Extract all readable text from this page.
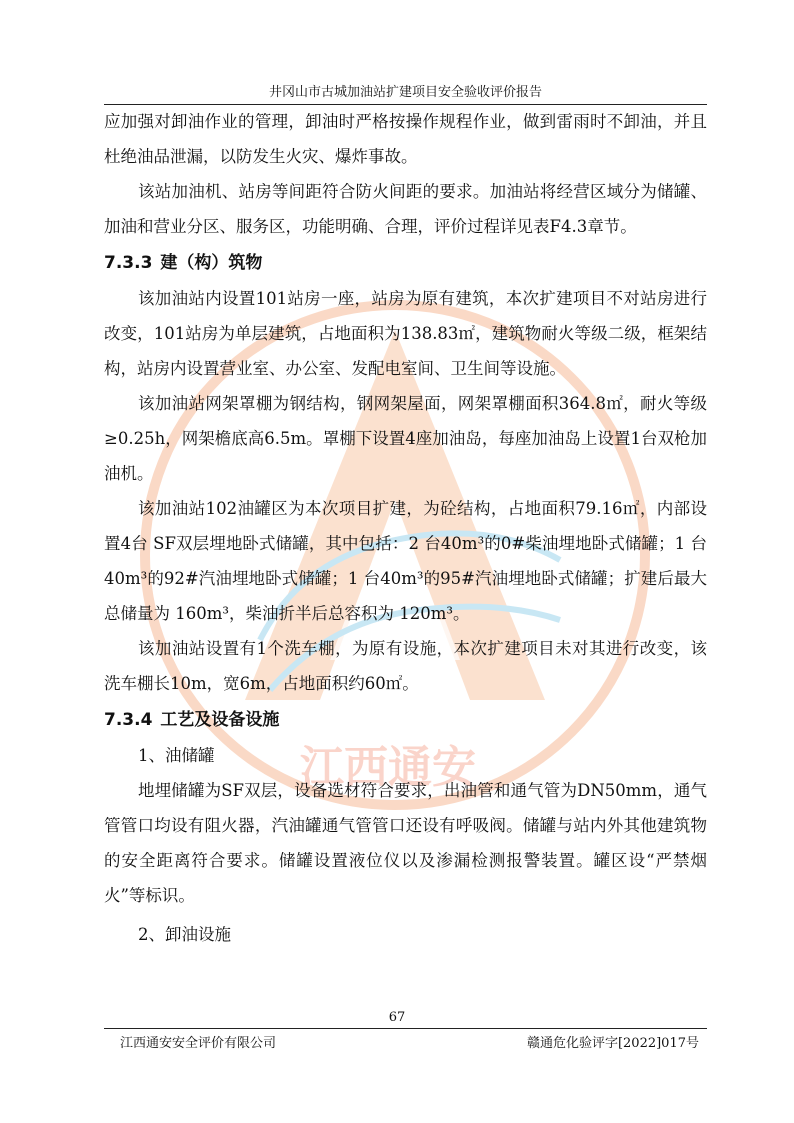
江西通安
井冈山市古城加油站扩建项目安全验收评价报告

应加强对卸油作业的管理，卸油时严格按操作规程作业，做到雷雨时不卸油，并且杜绝油品泄漏，以防发生火灾、爆炸事故。

该站加油机、站房等间距符合防火间距的要求。加油站将经营区域分为储罐、加油和营业分区、服务区，功能明确、合理，评价过程详见表F4.3章节。

7.3.3 建（构）筑物

该加油站内设置101站房一座，站房为原有建筑，本次扩建项目不对站房进行改变，101站房为单层建筑，占地面积为138.83㎡，建筑物耐火等级二级，框架结构，站房内设置营业室、办公室、发配电室间、卫生间等设施。

该加油站网架罩棚为钢结构，钢网架屋面，网架罩棚面积364.8㎡，耐火等级≥0.25h，网架檐底高6.5m。罩棚下设置4座加油岛，每座加油岛上设置1台双枪加油机。

该加油站102油罐区为本次项目扩建，为砼结构，占地面积79.16㎡，内部设置4台 SF双层埋地卧式储罐，其中包括：2 台40m³的0#柴油埋地卧式储罐；1 台40m³的92#汽油埋地卧式储罐；1 台40m³的95#汽油埋地卧式储罐；扩建后最大总储量为 160m³，柴油折半后总容积为 120m³。

该加油站设置有1个洗车棚，为原有设施，本次扩建项目未对其进行改变，该洗车棚长10m，宽6m，占地面积约60㎡。

7.3.4 工艺及设备设施

1、油储罐

地埋储罐为SF双层，设备选材符合要求，出油管和通气管为DN50mm，通气管管口均设有阻火器，汽油罐通气管管口还设有呼吸阀。储罐与站内外其他建筑物的安全距离符合要求。储罐设置液位仪以及渗漏检测报警装置。罐区设“严禁烟火”等标识。

2、卸油设施

67
江西通安安全评价有限公司	赣通危化验评字[2022]017号
